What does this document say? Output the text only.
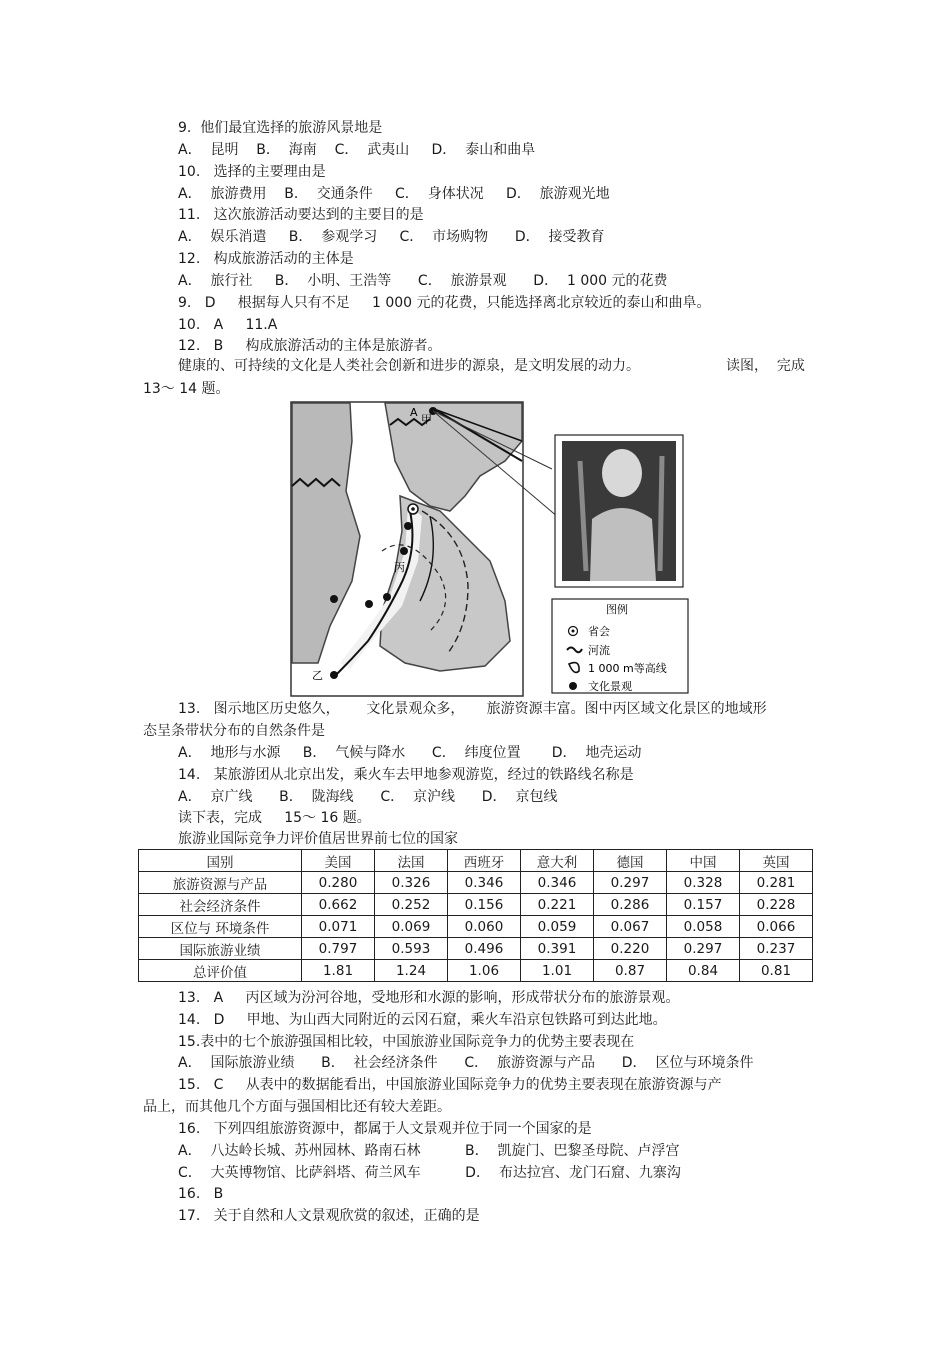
9.  他们最宜选择的旅游风景地是
A．  昆明    B．  海南    C．  武夷山     D．  泰山和曲阜
10.   选择的主要理由是
A．  旅游费用    B．  交通条件     C．  身体状况     D．  旅游观光地
11.   这次旅游活动要达到的主要目的是
A．  娱乐消遣     B．  参观学习     C．  市场购物      D．  接受教育
12.   构成旅游活动的主体是
A．  旅行社     B．  小明、王浩等      C．  旅游景观      D．  1 000 元的花费
9.   D     根据每人只有不足     1 000 元的花费，只能选择离北京较近的泰山和曲阜。
10.   A     11.A
12.   B     构成旅游活动的主体是旅游者。
健康的、可持续的文化是人类社会创新和进步的源泉，是文明发展的动力。	读图，  完成
13～ 14 题。
A
甲
丙
乙
图例
省会
河流
1 000 m等高线
文化景观
13.   图示地区历史悠久，      文化景观众多，     旅游资源丰富。图中丙区域文化景区的地域形
态呈条带状分布的自然条件是
A．  地形与水源     B．  气候与降水      C．  纬度位置       D．  地壳运动
14.   某旅游团从北京出发，乘火车去甲地参观游览，经过的铁路线名称是
A．  京广线      B．  陇海线      C．  京沪线      D．  京包线
读下表，完成     15～ 16 题。
旅游业国际竞争力评价值居世界前七位的国家
国别	美国	法国	西班牙	意大利	德国	中国	英国
旅游资源与产品	0.280	0.326	0.346	0.346	0.297	0.328	0.281
社会经济条件	0.662	0.252	0.156	0.221	0.286	0.157	0.228
区位与 环境条件	0.071	0.069	0.060	0.059	0.067	0.058	0.066
国际旅游业绩	0.797	0.593	0.496	0.391	0.220	0.297	0.237
总评价值	1.81	1.24	1.06	1.01	0.87	0.84	0.81
13.   A     丙区域为汾河谷地，受地形和水源的影响，形成带状分布的旅游景观。
14.   D     甲地、为山西大同附近的云冈石窟，乘火车沿京包铁路可到达此地。
15.表中的七个旅游强国相比较，中国旅游业国际竞争力的优势主要表现在
A．  国际旅游业绩      B．  社会经济条件      C．  旅游资源与产品      D．  区位与环境条件
15.   C     从表中的数据能看出，中国旅游业国际竞争力的优势主要表现在旅游资源与产
品上，而其他几个方面与强国相比还有较大差距。
16.   下列四组旅游资源中，都属于人文景观并位于同一个国家的是
A．  八达岭长城、苏州园林、路南石林          B．  凯旋门、巴黎圣母院、卢浮宫
C．  大英博物馆、比萨斜塔、荷兰风车          D．  布达拉宫、龙门石窟、九寨沟
16.   B
17.   关于自然和人文景观欣赏的叙述，正确的是
